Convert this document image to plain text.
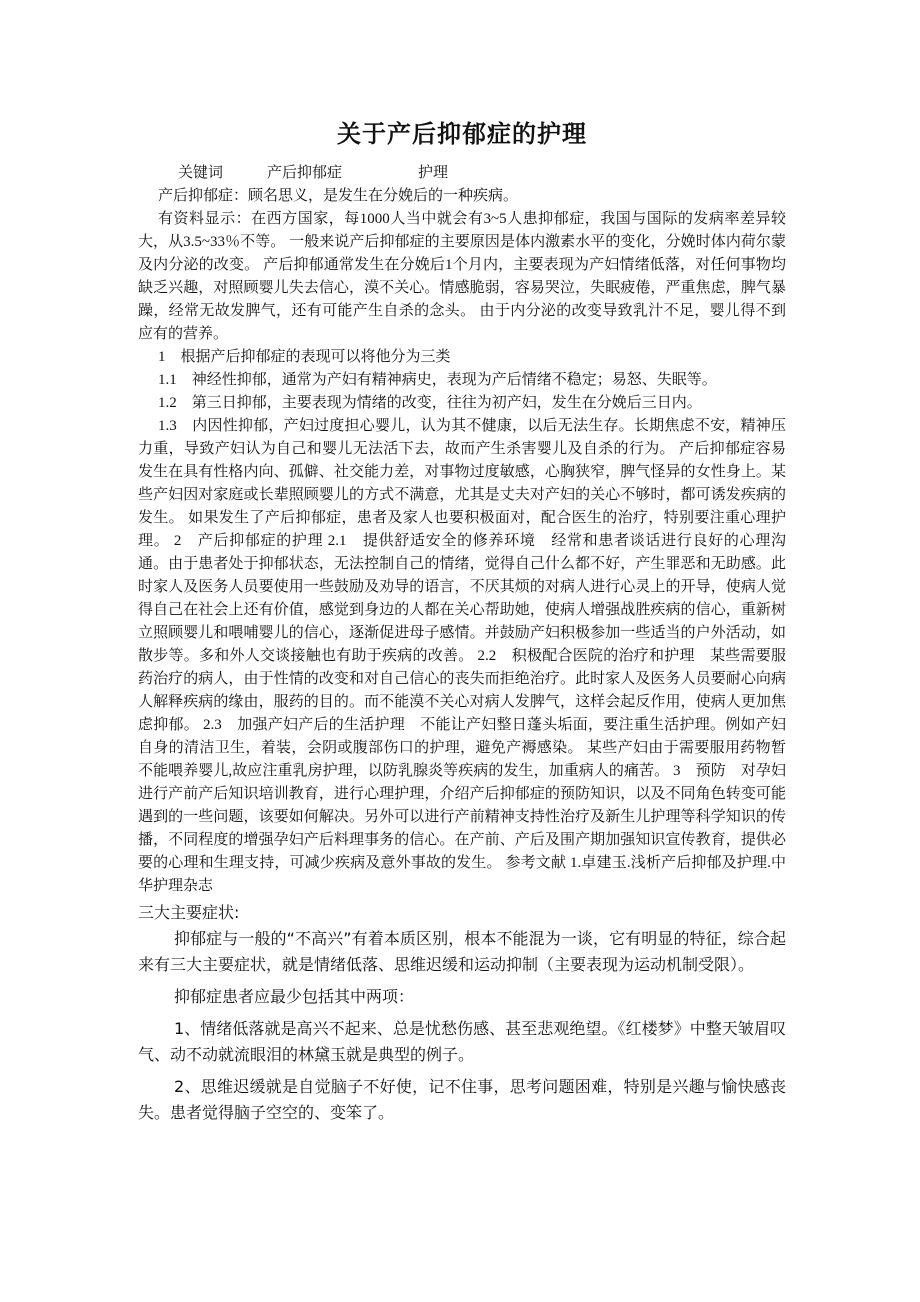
关于产后抑郁症的护理

关键词	产后抑郁症	护理

产后抑郁症：顾名思义，是发生在分娩后的一种疾病。

有资料显示：在西方国家，每1000人当中就会有3~5人患抑郁症，我国与国际的发病率差异较大，从3.5~33％不等。 一般来说产后抑郁症的主要原因是体内激素水平的变化，分娩时体内荷尔蒙及内分泌的改变。 产后抑郁通常发生在分娩后1个月内，主要表现为产妇情绪低落，对任何事物均缺乏兴趣，对照顾婴儿失去信心，漠不关心。情感脆弱，容易哭泣，失眠疲倦，严重焦虑，脾气暴躁，经常无故发脾气，还有可能产生自杀的念头。 由于内分泌的改变导致乳汁不足，婴儿得不到应有的营养。

1　根据产后抑郁症的表现可以将他分为三类

1.1　神经性抑郁，通常为产妇有精神病史，表现为产后情绪不稳定；易怒、失眠等。

1.2　第三日抑郁，主要表现为情绪的改变，往往为初产妇，发生在分娩后三日内。

1.3　内因性抑郁，产妇过度担心婴儿，认为其不健康，以后无法生存。长期焦虑不安，精神压力重，导致产妇认为自己和婴儿无法活下去，故而产生杀害婴儿及自杀的行为。 产后抑郁症容易发生在具有性格内向、孤僻、社交能力差，对事物过度敏感，心胸狭窄，脾气怪异的女性身上。某些产妇因对家庭或长辈照顾婴儿的方式不满意，尤其是丈夫对产妇的关心不够时，都可诱发疾病的发生。 如果发生了产后抑郁症，患者及家人也要积极面对，配合医生的治疗，特别要注重心理护理。 2　产后抑郁症的护理 2.1　提供舒适安全的修养环境　经常和患者谈话进行良好的心理沟通。由于患者处于抑郁状态，无法控制自己的情绪，觉得自己什么都不好，产生罪恶和无助感。此时家人及医务人员要使用一些鼓励及劝导的语言，不厌其烦的对病人进行心灵上的开导，使病人觉得自己在社会上还有价值，感觉到身边的人都在关心帮助她，使病人增强战胜疾病的信心，重新树立照顾婴儿和喂哺婴儿的信心，逐渐促进母子感情。并鼓励产妇积极参加一些适当的户外活动，如散步等。多和外人交谈接触也有助于疾病的改善。 2.2　积极配合医院的治疗和护理　某些需要服药治疗的病人，由于性情的改变和对自己信心的丧失而拒绝治疗。此时家人及医务人员要耐心向病人解释疾病的缘由，服药的目的。而不能漠不关心对病人发脾气，这样会起反作用，使病人更加焦虑抑郁。 2.3　加强产妇产后的生活护理　不能让产妇整日蓬头垢面，要注重生活护理。例如产妇自身的清洁卫生，着装，会阴或腹部伤口的护理，避免产褥感染。 某些产妇由于需要服用药物暂不能喂养婴儿,故应注重乳房护理，以防乳腺炎等疾病的发生，加重病人的痛苦。 3　预防　对孕妇进行产前产后知识培训教育，进行心理护理，介绍产后抑郁症的预防知识，以及不同角色转变可能遇到的一些问题，该要如何解决。另外可以进行产前精神支持性治疗及新生儿护理等科学知识的传播，不同程度的增强孕妇产后料理事务的信心。在产前、产后及围产期加强知识宣传教育，提供必要的心理和生理支持，可减少疾病及意外事故的发生。 参考文献 1.卓建玉.浅析产后抑郁及护理.中华护理杂志

三大主要症状:

抑郁症与一般的“不高兴”有着本质区别，根本不能混为一谈，它有明显的特征，综合起来有三大主要症状，就是情绪低落、思维迟缓和运动抑制（主要表现为运动机制受限）。

抑郁症患者应最少包括其中两项：

1、情绪低落就是高兴不起来、总是忧愁伤感、甚至悲观绝望。《红楼梦》中整天皱眉叹气、动不动就流眼泪的林黛玉就是典型的例子。

2、思维迟缓就是自觉脑子不好使，记不住事，思考问题困难，特别是兴趣与愉快感丧失。患者觉得脑子空空的、变笨了。
